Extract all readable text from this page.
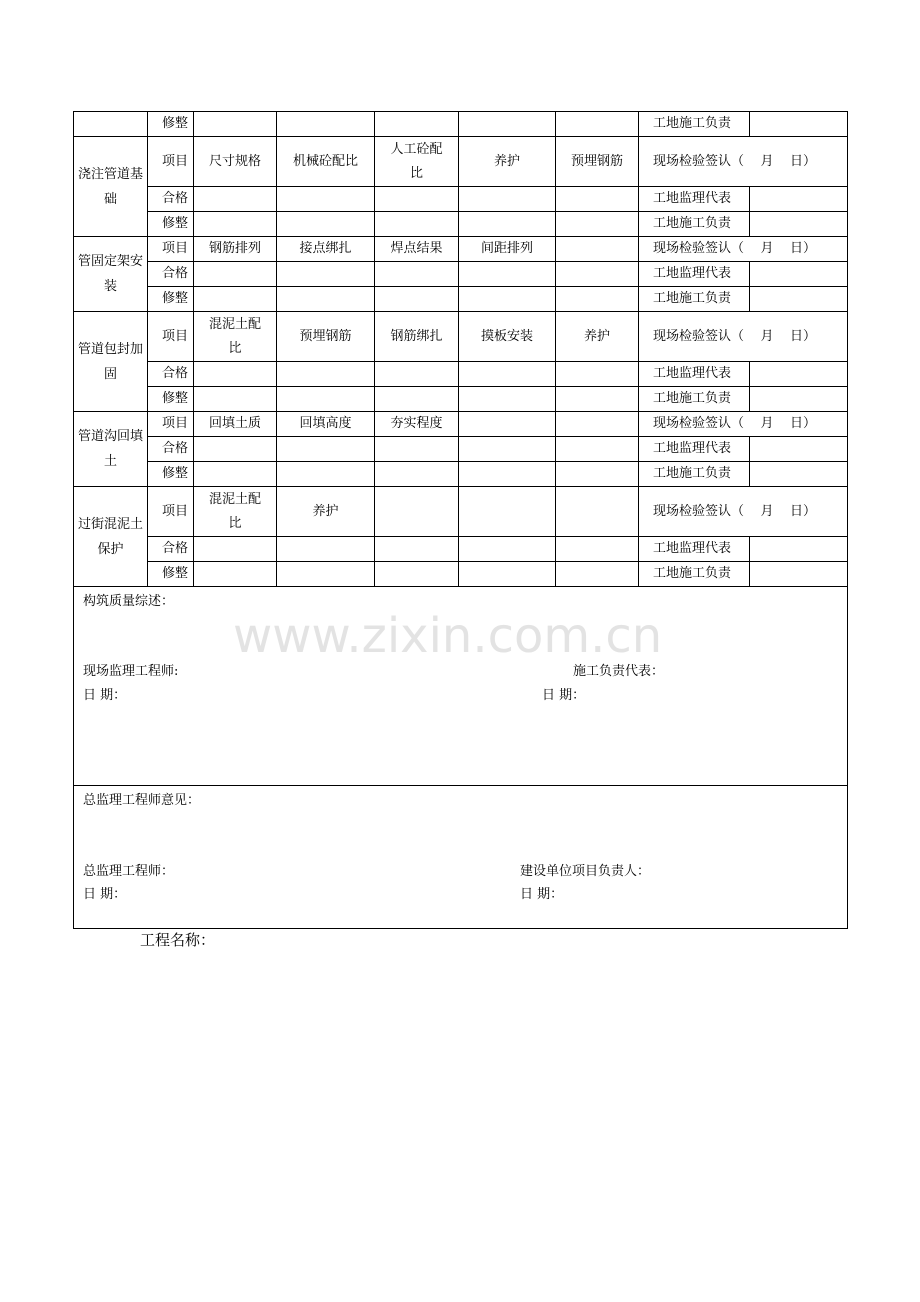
	修整						工地施工负责	
浇注管道基础	项目	尺寸规格	机械砼配比	人工砼配比	养护	预埋钢筋	现场检验签认（    月    日）	
	合格						工地监理代表	
	修整						工地施工负责	
管固定架安装	项目	钢筋排列	接点绑扎	焊点结果	间距排列		现场检验签认（    月    日）	
	合格						工地监理代表	
	修整						工地施工负责	
管道包封加固	项目	混泥土配比	预埋钢筋	钢筋绑扎	摸板安装	养护	现场检验签认（    月    日）	
	合格						工地监理代表	
	修整						工地施工负责	
管道沟回填土	项目	回填土质	回填高度	夯实程度			现场检验签认（    月    日）	
	合格						工地监理代表	
	修整						工地施工负责	
过街混泥土保护	项目	混泥土配比	养护				现场检验签认（    月    日）	
	合格						工地监理代表	
	修整						工地施工负责	

构筑质量综述：
现场监理工程师: 施工负责代表：
日 期： 日 期：								

总监理工程师意见：
总监理工程师： 建设单位项目负责人：
日 期： 日 期：								
www.zixin.com.cn
工程名称：
